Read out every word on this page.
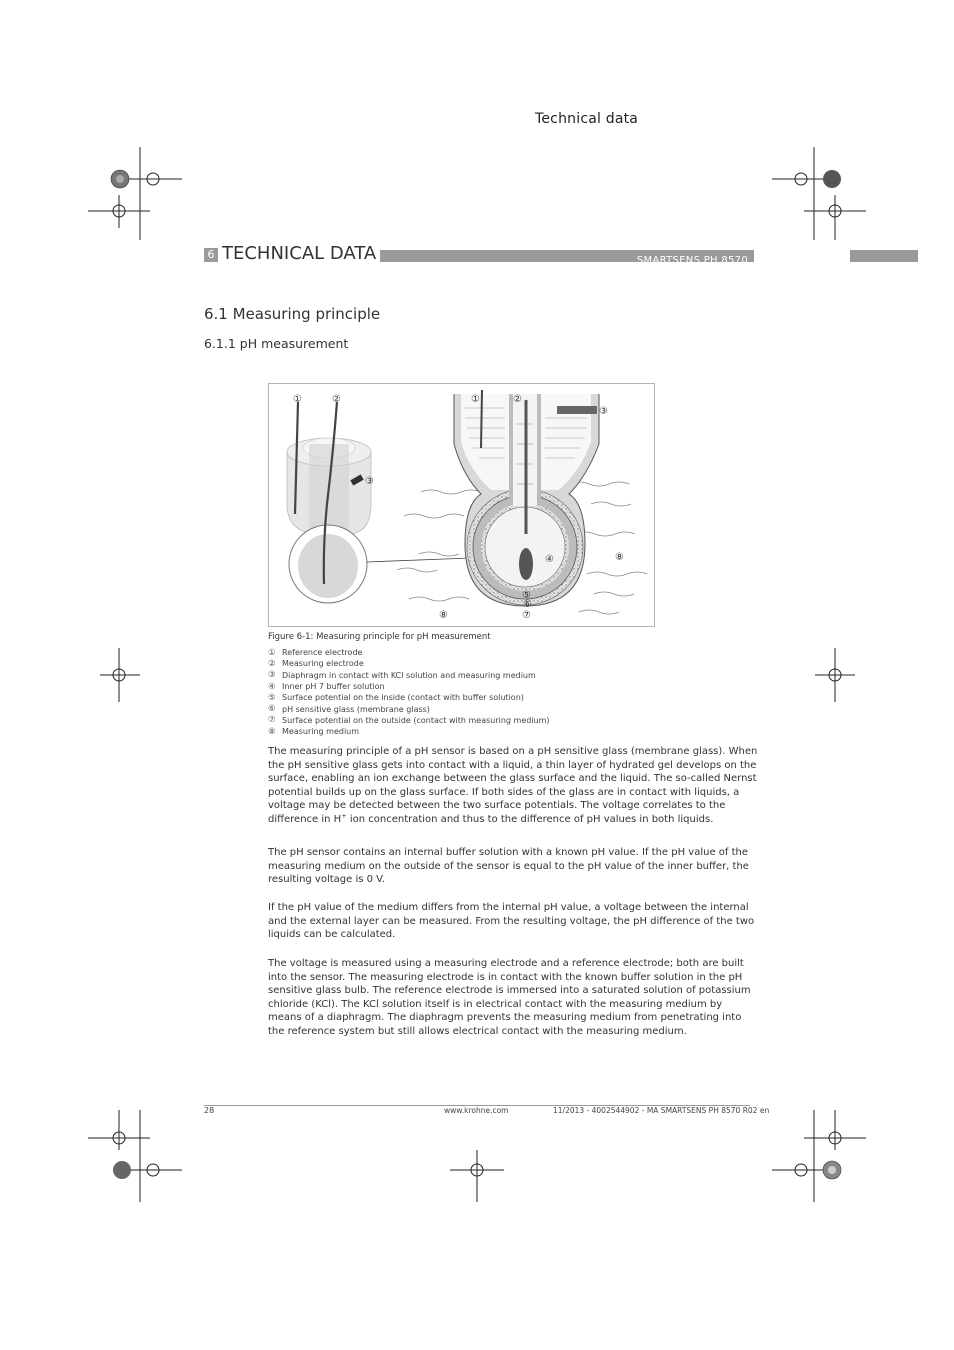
Technical data
SMARTSENS PH 8570
6 TECHNICAL DATA
6.1 Measuring principle
6.1.1 pH measurement
①	②
③
①	②
③
④
⑤
⑥
⑦
⑧
⑧
Figure 6-1: Measuring principle for pH measurement
① Reference electrode
② Measuring electrode
③ Diaphragm in contact with KCl solution and measuring medium
④ Inner pH 7 buffer solution
⑤ Surface potential on the inside (contact with buffer solution)
⑥ pH sensitive glass (membrane glass)
⑦ Surface potential on the outside (contact with measuring medium)
⑧ Measuring medium

The measuring principle of a pH sensor is based on a pH sensitive glass (membrane glass). When the pH sensitive glass gets into contact with a liquid, a thin layer of hydrated gel develops on the surface, enabling an ion exchange between the glass surface and the liquid. The so-called Nernst potential builds up on the glass surface. If both sides of the glass are in contact with liquids, a voltage may be detected between the two surface potentials. The voltage correlates to the difference in H+ ion concentration and thus to the difference of pH values in both liquids.

The pH sensor contains an internal buffer solution with a known pH value. If the pH value of the measuring medium on the outside of the sensor is equal to the pH value of the inner buffer, the resulting voltage is 0 V.

If the pH value of the medium differs from the internal pH value, a voltage between the internal and the external layer can be measured. From the resulting voltage, the pH difference of the two liquids can be calculated.

The voltage is measured using a measuring electrode and a reference electrode; both are built into the sensor. The measuring electrode is in contact with the known buffer solution in the pH sensitive glass bulb. The reference electrode is immersed into a saturated solution of potassium chloride (KCl). The KCl solution itself is in electrical contact with the measuring medium by means of a diaphragm. The diaphragm prevents the measuring medium from penetrating into the reference system but still allows electrical contact with the measuring medium.

28	www.krohne.com	11/2013 - 4002544902 - MA SMARTSENS PH 8570 R02 en
